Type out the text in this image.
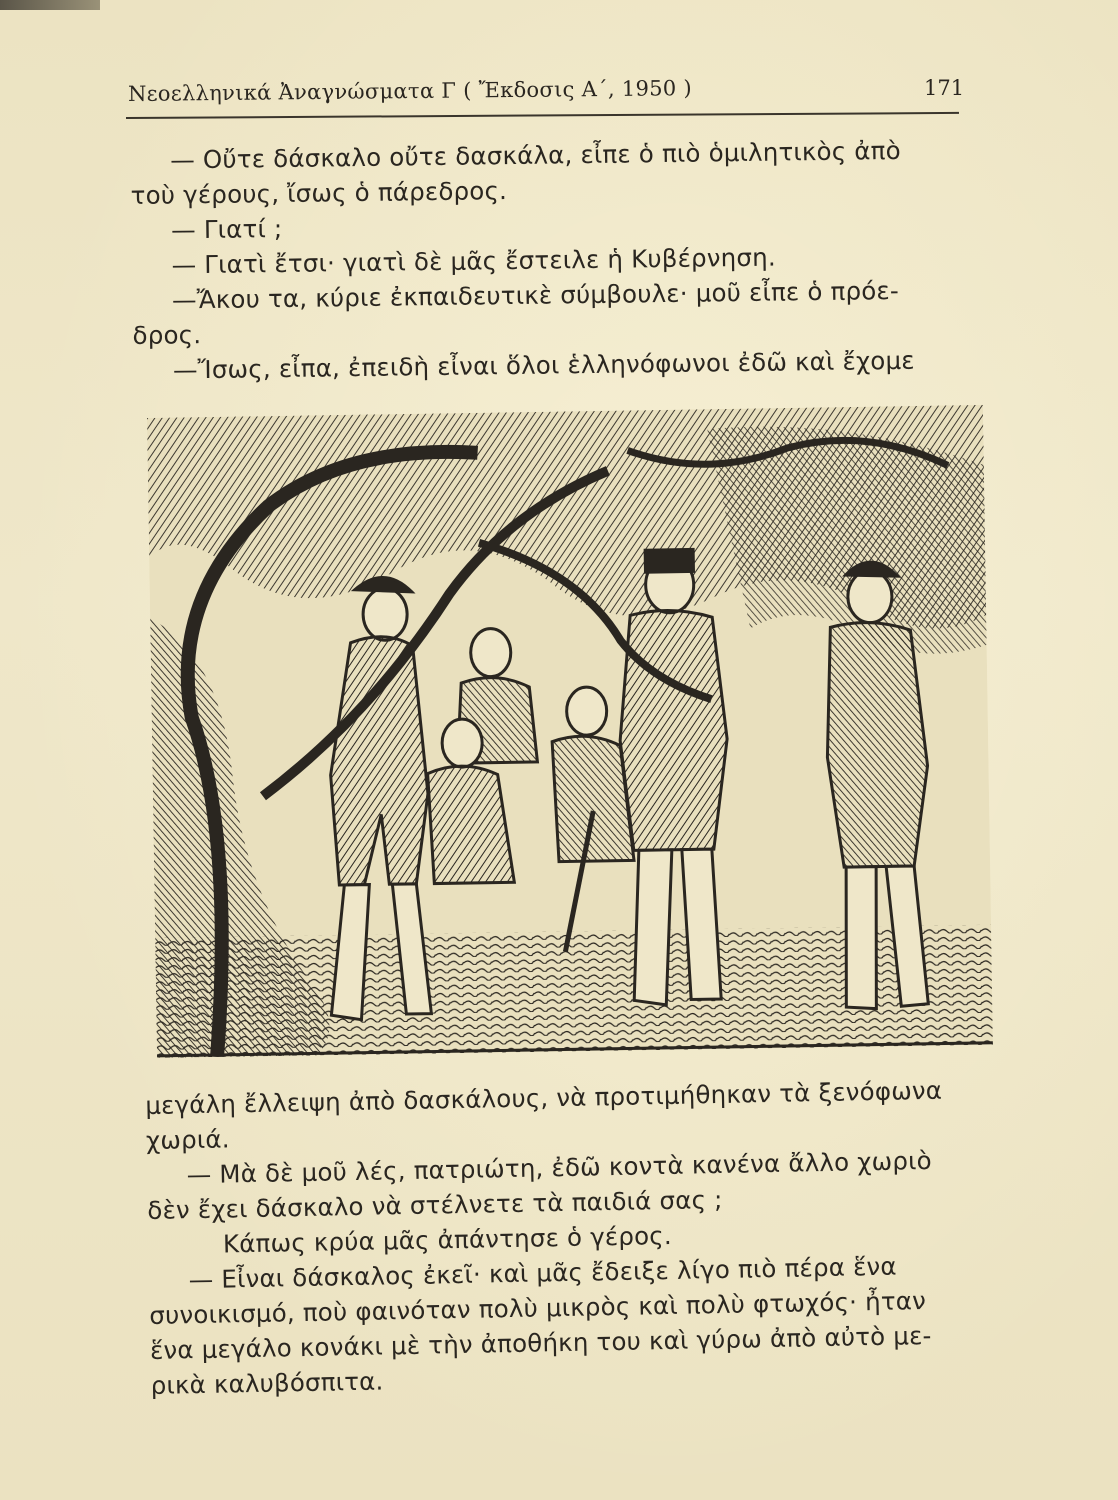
Νεοελληνικά Ἀναγνώσματα Γ ( Ἔκδοσις Α΄, 1950 )	171

— Οὔτε δάσκαλο οὔτε δασκάλα, εἶπε ὁ πιὸ ὁμιλητικὸς ἀπὸ

τοὺ γέρους, ἴσως ὁ πάρεδρος.

— Γιατί ;

— Γιατὶ ἔτσι· γιατὶ δὲ μᾶς ἔστειλε ἡ Κυβέρνηση.

—Ἄκου τα, κύριε ἐκπαιδευτικὲ σύμβουλε· μοῦ εἶπε ὁ πρόε-

δρος.

—Ἴσως, εἶπα, ἐπειδὴ εἶναι ὅλοι ἑλληνόφωνοι ἐδῶ καὶ ἔχομε

μεγάλη ἔλλειψη ἀπὸ δασκάλους, νὰ προτιμήθηκαν τὰ ξενόφωνα

χωριά.

— Μὰ δὲ μοῦ λές, πατριώτη, ἐδῶ κοντὰ κανένα ἄλλο χωριὸ

δὲν ἔχει δάσκαλο νὰ στέλνετε τὰ παιδιά σας ;

Κάπως κρύα μᾶς ἀπάντησε ὁ γέρος.

— Εἶναι δάσκαλος ἐκεῖ· καὶ μᾶς ἔδειξε λίγο πιὸ πέρα ἕνα

συνοικισμό, ποὺ φαινόταν πολὺ μικρὸς καὶ πολὺ φτωχός· ἦταν

ἕνα μεγάλο κονάκι μὲ τὴν ἀποθήκη του καὶ γύρω ἀπὸ αὐτὸ με-

ρικὰ καλυβόσπιτα.
